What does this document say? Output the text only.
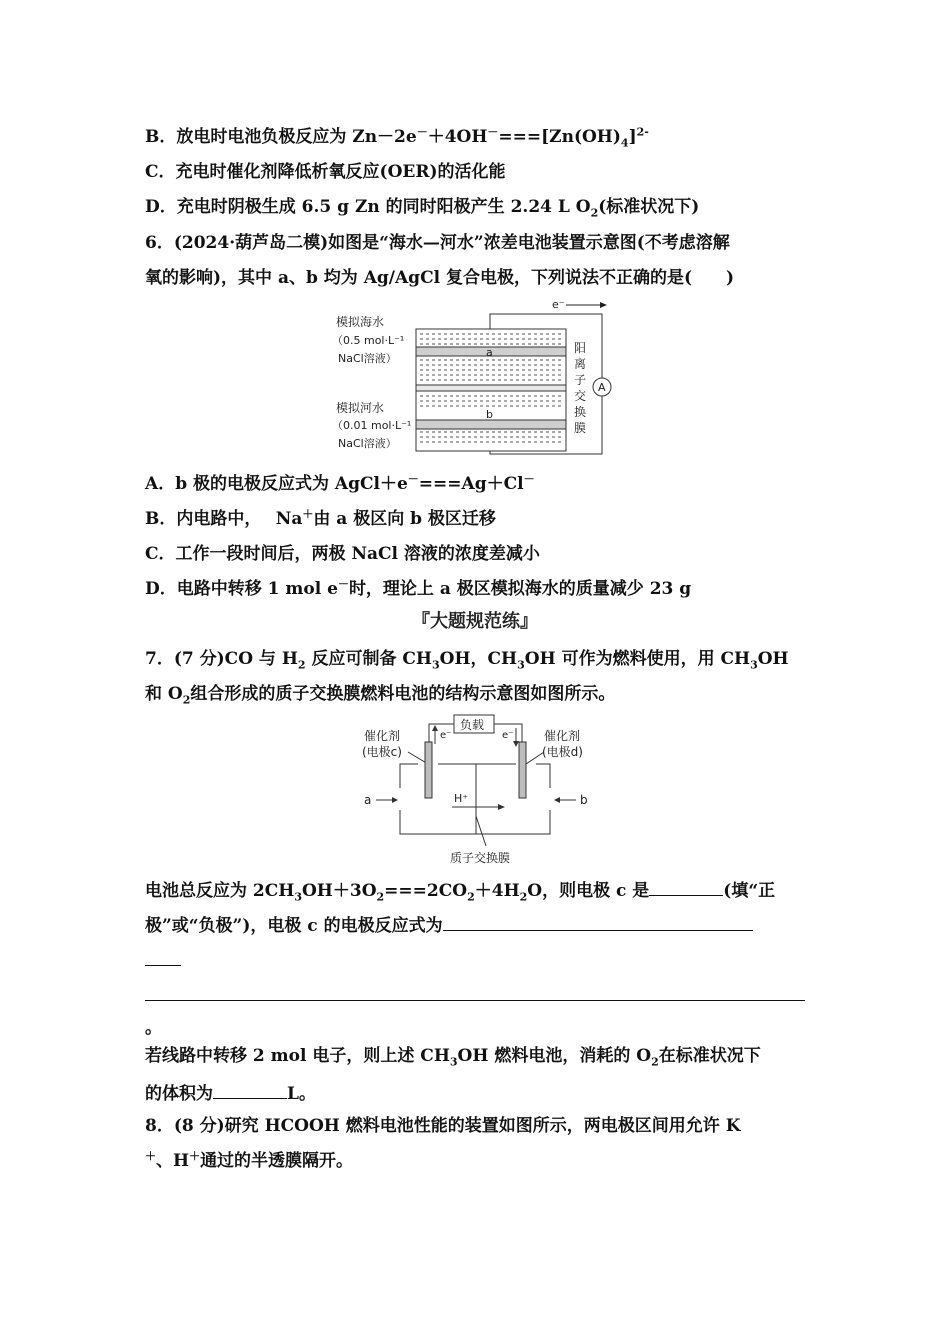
B．放电时电池负极反应为 $Zn-2e^-+4OH^-===[Zn(OH)_4]^{2-}$
C．充电时催化剂降低析氧反应(OER)的活化能
D．充电时阴极生成 6.5 g Zn 的同时阳极产生 2.24 L $O_2$(标准状况下)
6．(2024·葫芦岛二模)如图是“海水—河水”浓差电池装置示意图(不考虑溶解
氧的影响)，其中 a、b 均为 Ag/AgCl 复合电极，下列说法不正确的是(　　)
e⁻
A
a
b
模拟海水
（0.5 mol·L⁻¹
NaCl溶液）
模拟河水
（0.01 mol·L⁻¹
NaCl溶液）
阳
离
子
交
换
膜
A．b 极的电极反应式为 AgCl＋e－===Ag＋Cl－
B．内电路中，　 Na＋由 a 极区向 b 极区迁移
C．工作一段时间后，两极 NaCl 溶液的浓度差减小
D．电路中转移 1 mol e－时，理论上 a 极区模拟海水的质量减少 23 g
『大题规范练』
7．(7 分)CO 与 $H_2$ 反应可制备 $CH_3OH$，$CH_3OH$ 可作为燃料使用，用 $CH_3OH$
和 $O_2$组合形成的质子交换膜燃料电池的结构示意图如图所示。
负载
e⁻	e⁻
催化剂
(电极c)
催化剂
(电极d)
H⁺
a	b
质子交换膜
电池总反应为 $2CH_3OH+3O_2===2CO_2+4H_2O$，则电极 c 是	(填“正
极”或“负极”)，电极 c 的电极反应式为
。
若线路中转移 2 mol 电子，则上述 $CH_3OH$ 燃料电池，消耗的 $O_2$在标准状况下
的体积为	L。
8．(8 分)研究 HCOOH 燃料电池性能的装置如图所示，两电极区间用允许 K
＋、H＋通过的半透膜隔开。
